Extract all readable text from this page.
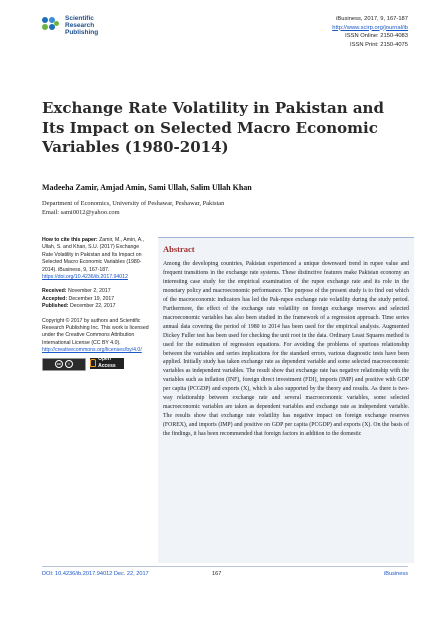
Scientific
Research
Publishing
iBusiness, 2017, 9, 167-187
http://www.scirp.org/journal/ib
ISSN Online: 2150-4083
ISSN Print: 2150-4075
Exchange Rate Volatility in Pakistan and Its Impact on Selected Macro Economic Variables (1980-2014)
Madeeha Zamir, Amjad Amin, Sami Ullah, Salim Ullah Khan
Department of Economics, University of Peshawar, Peshawar, Pakistan
Email: sami0012@yahoo.com
How to cite this paper: Zamir, M., Amin, A., Ullah, S. and Khan, S.U. (2017) Exchange Rate Volatility in Pakistan and Its Impact on Selected Macro Economic Variables (1980-2014). iBusiness, 9, 167-187. https://doi.org/10.4236/ib.2017.94012
Received: November 2, 2017
Accepted: December 19, 2017
Published: December 22, 2017
Copyright © 2017 by authors and Scientific Research Publishing Inc. This work is licensed under the Creative Commons Attribution International License (CC BY 4.0).
http://creativecommons.org/licenses/by/4.0/
cc	i
Open Access
Abstract
Among the developing countries, Pakistan experienced a unique downward trend in rupee value and frequent transitions in the exchange rate systems. These distinctive features make Pakistan economy an interesting case study for the empirical examination of the rupee exchange rate and its role in the monetary policy and macroeconomic performance. The purpose of the present study is to find out which of the macroeconomic indicators has led the Pak-rupee exchange rate volatility during the study period. Furthermore, the effect of the exchange rate volatility on foreign exchange reserves and selected macroeconomic variables has also been studied in the framework of a regression approach. Time series annual data covering the period of 1980 to 2014 has been used for the empirical analysis. Augmented Dickey Fuller test has been used for checking the unit root in the data. Ordinary Least Squares method is used for the estimation of regression equations. For avoiding the problems of spurious relationship between the variables and series implications for the standard errors, various diagnostic tests have been applied. Initially study has taken exchange rate as dependent variable and some selected macroeconomic variables as independent variables. The result show that exchange rate has negative relationship with the variables such as inflation (INF), foreign direct investment (FDI), imports (IMP) and positive with GDP per capita (PCGDP) and exports (X), which is also supported by the theory and results. As there is two-way relationship between exchange rate and several macroeconomic variables, some selected macroeconomic variables are taken as dependent variables and exchange rate as independent variable. The results show that exchange rate volatility has negative impact on foreign exchange reserves (FOREX), and imports (IMP) and positive on GDP per capita (PCGDP) and exports (X). On the basis of the findings, it has been recommended that foreign factors in addition to the domestic
DOI: 10.4236/ib.2017.94012 Dec. 22, 2017	167	iBusiness
